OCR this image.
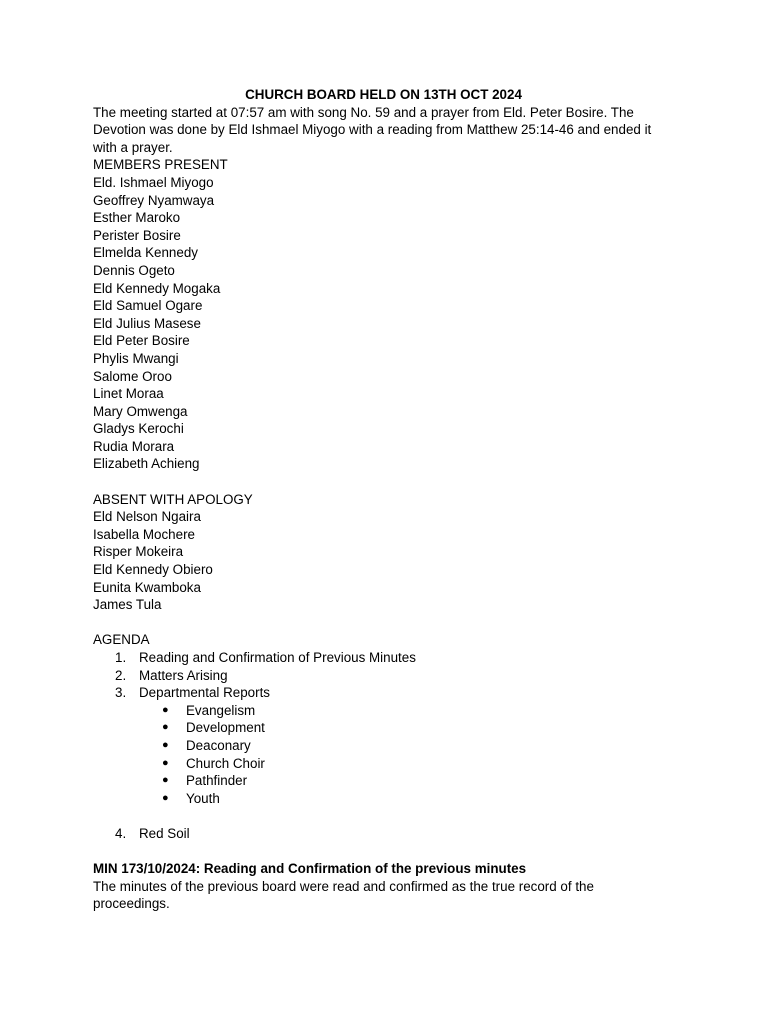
CHURCH BOARD HELD ON 13TH OCT 2024

The meeting started at 07:57 am with song No. 59 and a prayer from Eld. Peter Bosire. The Devotion was done by Eld Ishmael Miyogo with a reading from Matthew 25:14-46 and ended it with a prayer.

MEMBERS PRESENT

Eld. Ishmael Miyogo
Geoffrey Nyamwaya
Esther Maroko
Perister Bosire
Elmelda Kennedy
Dennis Ogeto
Eld Kennedy Mogaka
Eld Samuel Ogare
Eld Julius Masese
Eld Peter Bosire
Phylis Mwangi
Salome Oroo
Linet Moraa
Mary Omwenga
Gladys Kerochi
Rudia Morara
Elizabeth Achieng

ABSENT WITH APOLOGY

Eld Nelson Ngaira
Isabella Mochere
Risper Mokeira
Eld Kennedy Obiero
Eunita Kwamboka
James Tula

AGENDA

1. Reading and Confirmation of Previous Minutes
2. Matters Arising
3. Departmental Reports
● Evangelism
● Development
● Deaconary
● Church Choir
● Pathfinder
● Youth
4. Red Soil

MIN 173/10/2024: Reading and Confirmation of the previous minutes

The minutes of the previous board were read and confirmed as the true record of the proceedings.
